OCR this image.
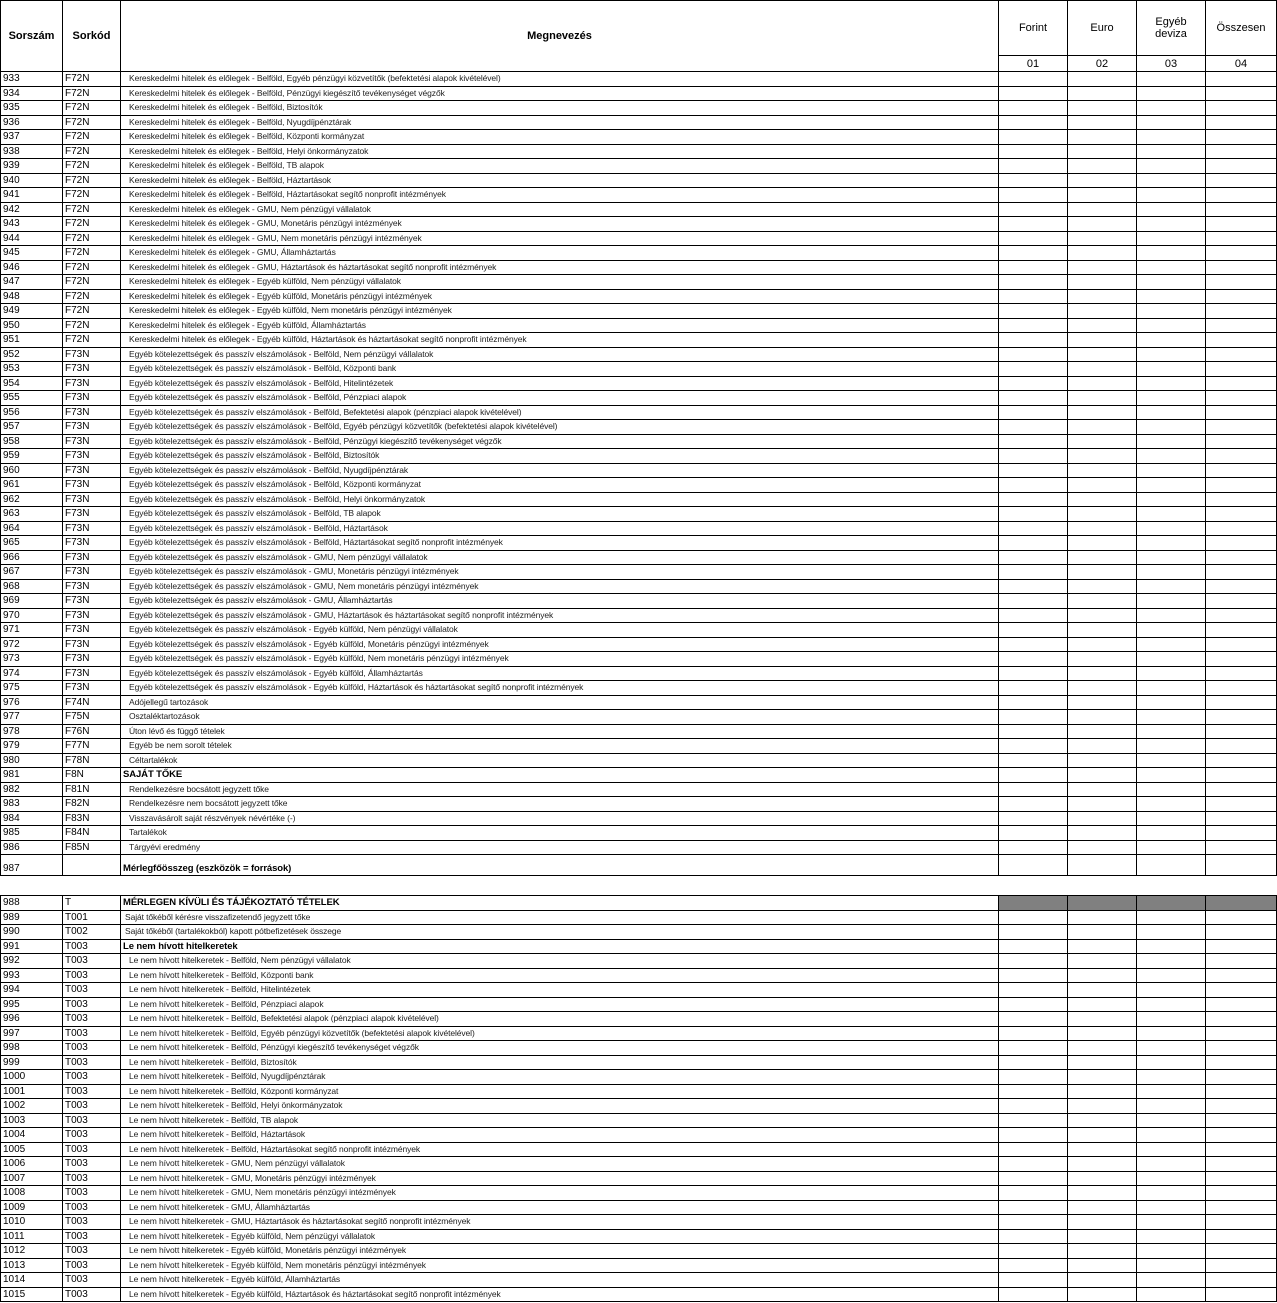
Sorszám	Sorkód	Megnevezés	Forint	Euro	Egyéb deviza	Összesen
			01	02	03	04
933	F72N	Kereskedelmi hitelek és előlegek - Belföld, Egyéb pénzügyi közvetítők (befektetési alapok kivételével)				
934	F72N	Kereskedelmi hitelek és előlegek - Belföld, Pénzügyi kiegészítő tevékenységet végzők				
935	F72N	Kereskedelmi hitelek és előlegek - Belföld, Biztosítók				
936	F72N	Kereskedelmi hitelek és előlegek - Belföld, Nyugdíjpénztárak				
937	F72N	Kereskedelmi hitelek és előlegek - Belföld, Központi kormányzat				
938	F72N	Kereskedelmi hitelek és előlegek - Belföld, Helyi önkormányzatok				
939	F72N	Kereskedelmi hitelek és előlegek - Belföld, TB alapok				
940	F72N	Kereskedelmi hitelek és előlegek - Belföld, Háztartások				
941	F72N	Kereskedelmi hitelek és előlegek - Belföld, Háztartásokat segítő nonprofit intézmények				
942	F72N	Kereskedelmi hitelek és előlegek - GMU, Nem pénzügyi vállalatok				
943	F72N	Kereskedelmi hitelek és előlegek - GMU, Monetáris pénzügyi intézmények				
944	F72N	Kereskedelmi hitelek és előlegek - GMU, Nem monetáris pénzügyi intézmények				
945	F72N	Kereskedelmi hitelek és előlegek - GMU, Államháztartás				
946	F72N	Kereskedelmi hitelek és előlegek - GMU, Háztartások és háztartásokat segítő nonprofit intézmények				
947	F72N	Kereskedelmi hitelek és előlegek - Egyéb külföld, Nem pénzügyi vállalatok				
948	F72N	Kereskedelmi hitelek és előlegek - Egyéb külföld, Monetáris pénzügyi intézmények				
949	F72N	Kereskedelmi hitelek és előlegek - Egyéb külföld, Nem monetáris pénzügyi intézmények				
950	F72N	Kereskedelmi hitelek és előlegek - Egyéb külföld, Államháztartás				
951	F72N	Kereskedelmi hitelek és előlegek - Egyéb külföld, Háztartások és háztartásokat segítő nonprofit intézmények				
952	F73N	Egyéb kötelezettségek és passzív elszámolások - Belföld, Nem pénzügyi vállalatok				
953	F73N	Egyéb kötelezettségek és passzív elszámolások - Belföld, Központi bank				
954	F73N	Egyéb kötelezettségek és passzív elszámolások - Belföld, Hitelintézetek				
955	F73N	Egyéb kötelezettségek és passzív elszámolások - Belföld, Pénzpiaci alapok				
956	F73N	Egyéb kötelezettségek és passzív elszámolások - Belföld, Befektetési alapok (pénzpiaci alapok kivételével)				
957	F73N	Egyéb kötelezettségek és passzív elszámolások - Belföld, Egyéb pénzügyi közvetítők (befektetési alapok kivételével)				
958	F73N	Egyéb kötelezettségek és passzív elszámolások - Belföld, Pénzügyi kiegészítő tevékenységet végzők				
959	F73N	Egyéb kötelezettségek és passzív elszámolások - Belföld, Biztosítók				
960	F73N	Egyéb kötelezettségek és passzív elszámolások - Belföld, Nyugdíjpénztárak				
961	F73N	Egyéb kötelezettségek és passzív elszámolások - Belföld, Központi kormányzat				
962	F73N	Egyéb kötelezettségek és passzív elszámolások - Belföld, Helyi önkormányzatok				
963	F73N	Egyéb kötelezettségek és passzív elszámolások - Belföld, TB alapok				
964	F73N	Egyéb kötelezettségek és passzív elszámolások - Belföld, Háztartások				
965	F73N	Egyéb kötelezettségek és passzív elszámolások - Belföld, Háztartásokat segítő nonprofit intézmények				
966	F73N	Egyéb kötelezettségek és passzív elszámolások - GMU, Nem pénzügyi vállalatok				
967	F73N	Egyéb kötelezettségek és passzív elszámolások - GMU, Monetáris pénzügyi intézmények				
968	F73N	Egyéb kötelezettségek és passzív elszámolások - GMU, Nem monetáris pénzügyi intézmények				
969	F73N	Egyéb kötelezettségek és passzív elszámolások - GMU, Államháztartás				
970	F73N	Egyéb kötelezettségek és passzív elszámolások - GMU, Háztartások és háztartásokat segítő nonprofit intézmények				
971	F73N	Egyéb kötelezettségek és passzív elszámolások - Egyéb külföld, Nem pénzügyi vállalatok				
972	F73N	Egyéb kötelezettségek és passzív elszámolások - Egyéb külföld, Monetáris pénzügyi intézmények				
973	F73N	Egyéb kötelezettségek és passzív elszámolások - Egyéb külföld, Nem monetáris pénzügyi intézmények				
974	F73N	Egyéb kötelezettségek és passzív elszámolások - Egyéb külföld, Államháztartás				
975	F73N	Egyéb kötelezettségek és passzív elszámolások - Egyéb külföld, Háztartások és háztartásokat segítő nonprofit intézmények				
976	F74N	Adójellegű tartozások				
977	F75N	Osztaléktartozások				
978	F76N	Úton lévő és függő tételek				
979	F77N	Egyéb be nem sorolt tételek				
980	F78N	Céltartalékok				
981	F8N	SAJÁT TŐKE				
982	F81N	Rendelkezésre bocsátott jegyzett tőke				
983	F82N	Rendelkezésre nem bocsátott jegyzett tőke				
984	F83N	Visszavásárolt saját részvények névértéke (-)				
985	F84N	Tartalékok				
986	F85N	Tárgyévi eredmény				
987		Mérlegfőösszeg (eszközök = források)				

988	T	MÉRLEGEN KÍVÜLI ÉS TÁJÉKOZTATÓ TÉTELEK				
989	T001	Saját tőkéből kérésre visszafizetendő jegyzett tőke				
990	T002	Saját tőkéből (tartalékokból) kapott pótbefizetések összege				
991	T003	Le nem hívott hitelkeretek				
992	T003	Le nem hívott hitelkeretek - Belföld, Nem pénzügyi vállalatok				
993	T003	Le nem hívott hitelkeretek - Belföld, Központi bank				
994	T003	Le nem hívott hitelkeretek - Belföld, Hitelintézetek				
995	T003	Le nem hívott hitelkeretek - Belföld, Pénzpiaci alapok				
996	T003	Le nem hívott hitelkeretek - Belföld, Befektetési alapok (pénzpiaci alapok kivételével)				
997	T003	Le nem hívott hitelkeretek - Belföld, Egyéb pénzügyi közvetítők (befektetési alapok kivételével)				
998	T003	Le nem hívott hitelkeretek - Belföld, Pénzügyi kiegészítő tevékenységet végzők				
999	T003	Le nem hívott hitelkeretek - Belföld, Biztosítók				
1000	T003	Le nem hívott hitelkeretek - Belföld, Nyugdíjpénztárak				
1001	T003	Le nem hívott hitelkeretek - Belföld, Központi kormányzat				
1002	T003	Le nem hívott hitelkeretek - Belföld, Helyi önkormányzatok				
1003	T003	Le nem hívott hitelkeretek - Belföld, TB alapok				
1004	T003	Le nem hívott hitelkeretek - Belföld, Háztartások				
1005	T003	Le nem hívott hitelkeretek - Belföld, Háztartásokat segítő nonprofit intézmények				
1006	T003	Le nem hívott hitelkeretek - GMU, Nem pénzügyi vállalatok				
1007	T003	Le nem hívott hitelkeretek - GMU, Monetáris pénzügyi intézmények				
1008	T003	Le nem hívott hitelkeretek - GMU, Nem monetáris pénzügyi intézmények				
1009	T003	Le nem hívott hitelkeretek - GMU, Államháztartás				
1010	T003	Le nem hívott hitelkeretek - GMU, Háztartások és háztartásokat segítő nonprofit intézmények				
1011	T003	Le nem hívott hitelkeretek - Egyéb külföld, Nem pénzügyi vállalatok				
1012	T003	Le nem hívott hitelkeretek - Egyéb külföld, Monetáris pénzügyi intézmények				
1013	T003	Le nem hívott hitelkeretek - Egyéb külföld, Nem monetáris pénzügyi intézmények				
1014	T003	Le nem hívott hitelkeretek - Egyéb külföld, Államháztartás				
1015	T003	Le nem hívott hitelkeretek - Egyéb külföld, Háztartások és háztartásokat segítő nonprofit intézmények				
